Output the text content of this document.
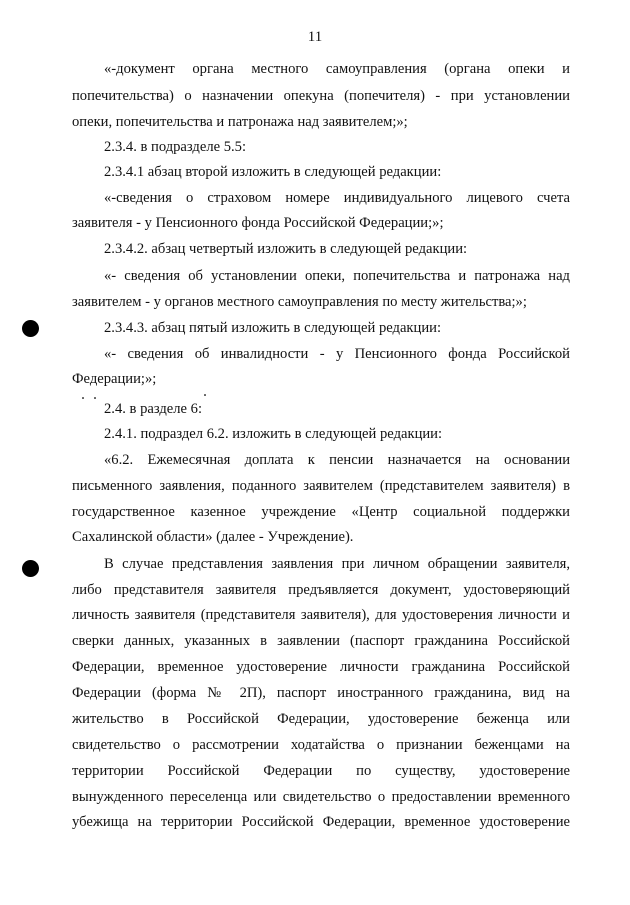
11
«-документ органа местного самоуправления (органа опеки и
попечительства) о назначении опекуна (попечителя) - при установлении
опеки, попечительства и патронажа над заявителем;»;
2.3.4. в подразделе 5.5:
2.3.4.1 абзац второй изложить в следующей редакции:
«-сведения о страховом номере индивидуального лицевого счета
заявителя - у Пенсионного фонда Российской Федерации;»;
2.3.4.2. абзац четвертый изложить в следующей редакции:
«- сведения об установлении опеки, попечительства и патронажа над
заявителем - у органов местного самоуправления по месту жительства;»;
2.3.4.3. абзац пятый изложить в следующей редакции:
«- сведения об инвалидности - у Пенсионного фонда Российской
Федерации;»;
2.4. в разделе 6:
2.4.1. подраздел 6.2. изложить в следующей редакции:
«6.2. Ежемесячная доплата к пенсии назначается на основании
письменного заявления, поданного заявителем (представителем заявителя) в
государственное казенное учреждение «Центр социальной поддержки
Сахалинской области» (далее - Учреждение).
В случае представления заявления при личном обращении заявителя,
либо представителя заявителя предъявляется документ, удостоверяющий
личность заявителя (представителя заявителя), для удостоверения личности и
сверки данных, указанных в заявлении (паспорт гражданина Российской
Федерации, временное удостоверение личности гражданина Российской
Федерации (форма № 2П), паспорт иностранного гражданина, вид на
жительство в Российской Федерации, удостоверение беженца или
свидетельство о рассмотрении ходатайства о признании беженцами на
территории Российской Федерации по существу, удостоверение
вынужденного переселенца или свидетельство о предоставлении временного
убежища на территории Российской Федерации, временное удостоверение
